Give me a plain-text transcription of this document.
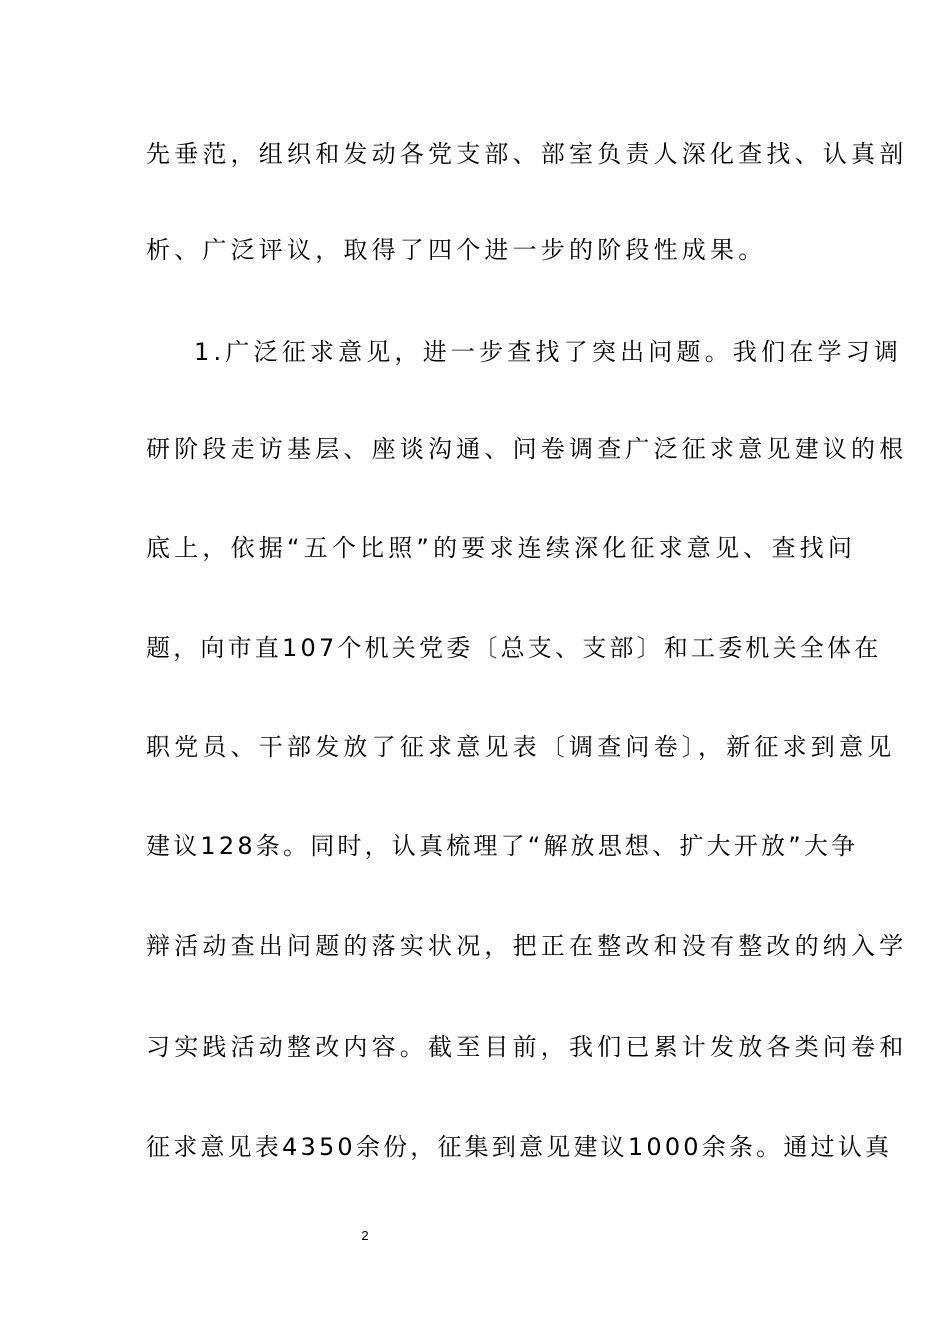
先垂范，组织和发动各党支部、部室负责人深化查找、认真剖
析、广泛评议，取得了四个进一步的阶段性成果。
1.广泛征求意见，进一步查找了突出问题。我们在学习调
研阶段走访基层、座谈沟通、问卷调查广泛征求意见建议的根
底上，依据“五个比照”的要求连续深化征求意见、查找问
题，向市直107个机关党委〔总支、支部〕和工委机关全体在
职党员、干部发放了征求意见表〔调查问卷〕，新征求到意见
建议128条。同时，认真梳理了“解放思想、扩大开放”大争
辩活动查出问题的落实状况，把正在整改和没有整改的纳入学
习实践活动整改内容。截至目前，我们已累计发放各类问卷和
征求意见表4350余份，征集到意见建议1000余条。通过认真
2
